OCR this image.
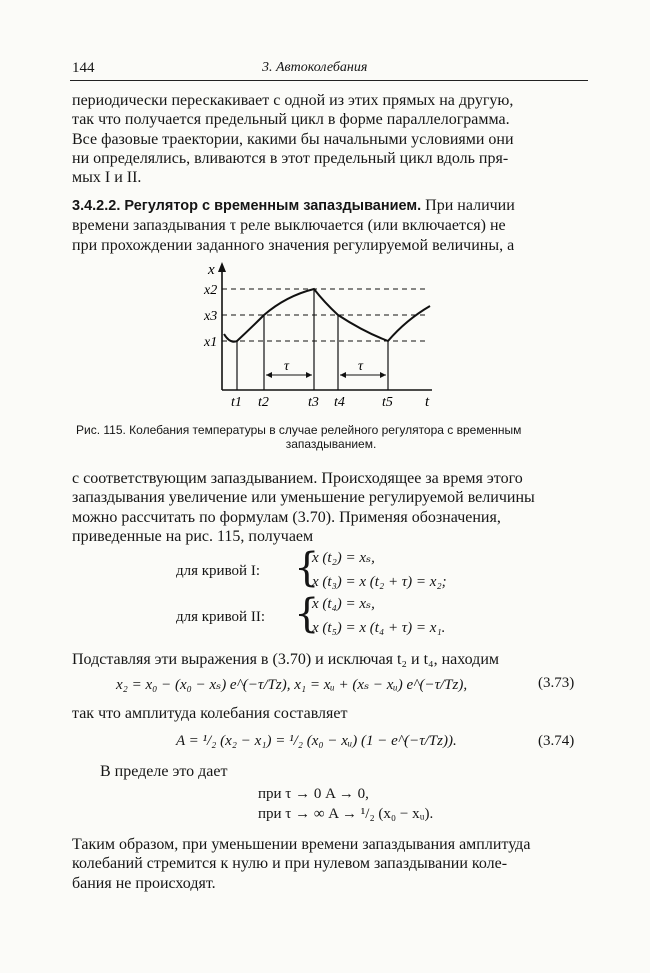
144	3. Автоколебания
периодически перескакивает с одной из этих прямых на другую,
так что получается предельный цикл в форме параллелограмма.
Все фазовые траектории, какими бы начальными условиями они
ни определялись, вливаются в этот предельный цикл вдоль пря-
мых I и II.
3.4.2.2. Регулятор с временным запаздыванием. При наличии
времени запаздывания τ реле выключается (или включается) не
при прохождении заданного значения регулируемой величины, а
τ	τ
x
t
x2
x3
x1
t1 t2	t3 t4	t5
Рис. 115. Колебания температуры в случае релейного регулятора с временным
запаздыванием.
с соответствующим запаздыванием. Происходящее за время этого
запаздывания увеличение или уменьшение регулируемой величины
можно рассчитать по формулам (3.70). Применяя обозначения,
приведенные на рис. 115, получаем
для кривой I: {
x (t₂) = xₛ,
x (t₃) = x (t₂ + τ) = x₂;
для кривой II: {
x (t₄) = xₛ,
x (t₅) = x (t₄ + τ) = x₁.
Подставляя эти выражения в (3.70) и исключая t₂ и t₄, находим
x₂ = x₀ − (x₀ − xₛ) e^(−τ/Tz), x₁ = xᵤ + (xₛ − xᵤ) e^(−τ/Tz),	(3.73)
так что амплитуда колебания составляет
A = ¹/₂ (x₂ − x₁) = ¹/₂ (x₀ − xᵤ) (1 − e^(−τ/Tz)).	(3.74)
В пределе это дает
при τ → 0 A → 0,
при τ → ∞ A → ¹/₂ (x₀ − xᵤ).
Таким образом, при уменьшении времени запаздывания амплитуда
колебаний стремится к нулю и при нулевом запаздывании коле-
бания не происходят.
